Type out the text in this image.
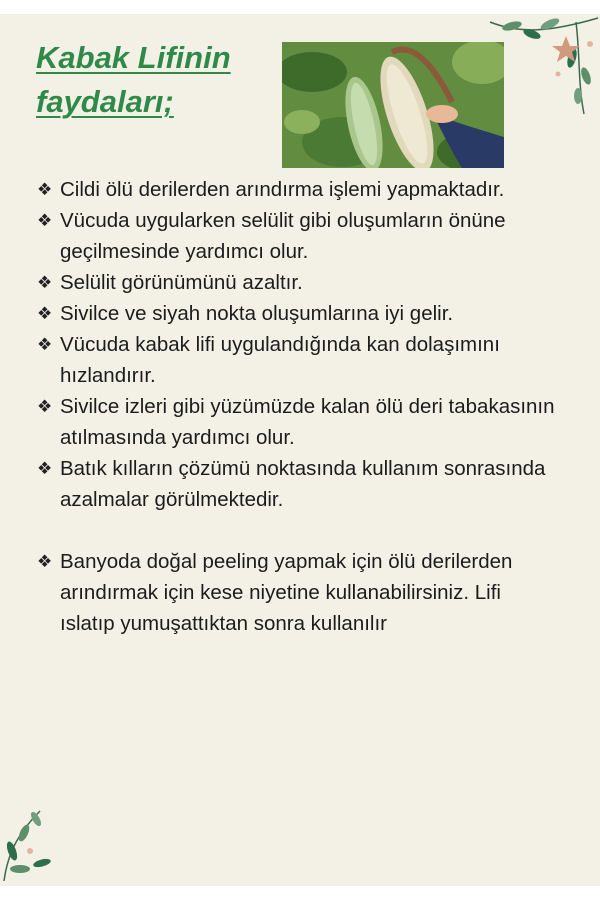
Kabak Lifinin
faydaları;
❖ Cildi ölü derilerden arındırma işlemi yapmaktadır.
❖ Vücuda uygularken selülit gibi oluşumların önüne geçilmesinde yardımcı olur.
❖ Selülit görünümünü azaltır.
❖ Sivilce ve siyah nokta oluşumlarına iyi gelir.
❖ Vücuda kabak lifi uygulandığında kan dolaşımını hızlandırır.
❖ Sivilce izleri gibi yüzümüzde kalan ölü deri tabakasının atılmasında yardımcı olur.
❖ Batık kılların çözümü noktasında kullanım sonrasında azalmalar görülmektedir.
❖ Banyoda doğal peeling yapmak için ölü derilerden arındırmak için kese niyetine kullanabilirsiniz. Lifi ıslatıp yumuşattıktan sonra kullanılır
